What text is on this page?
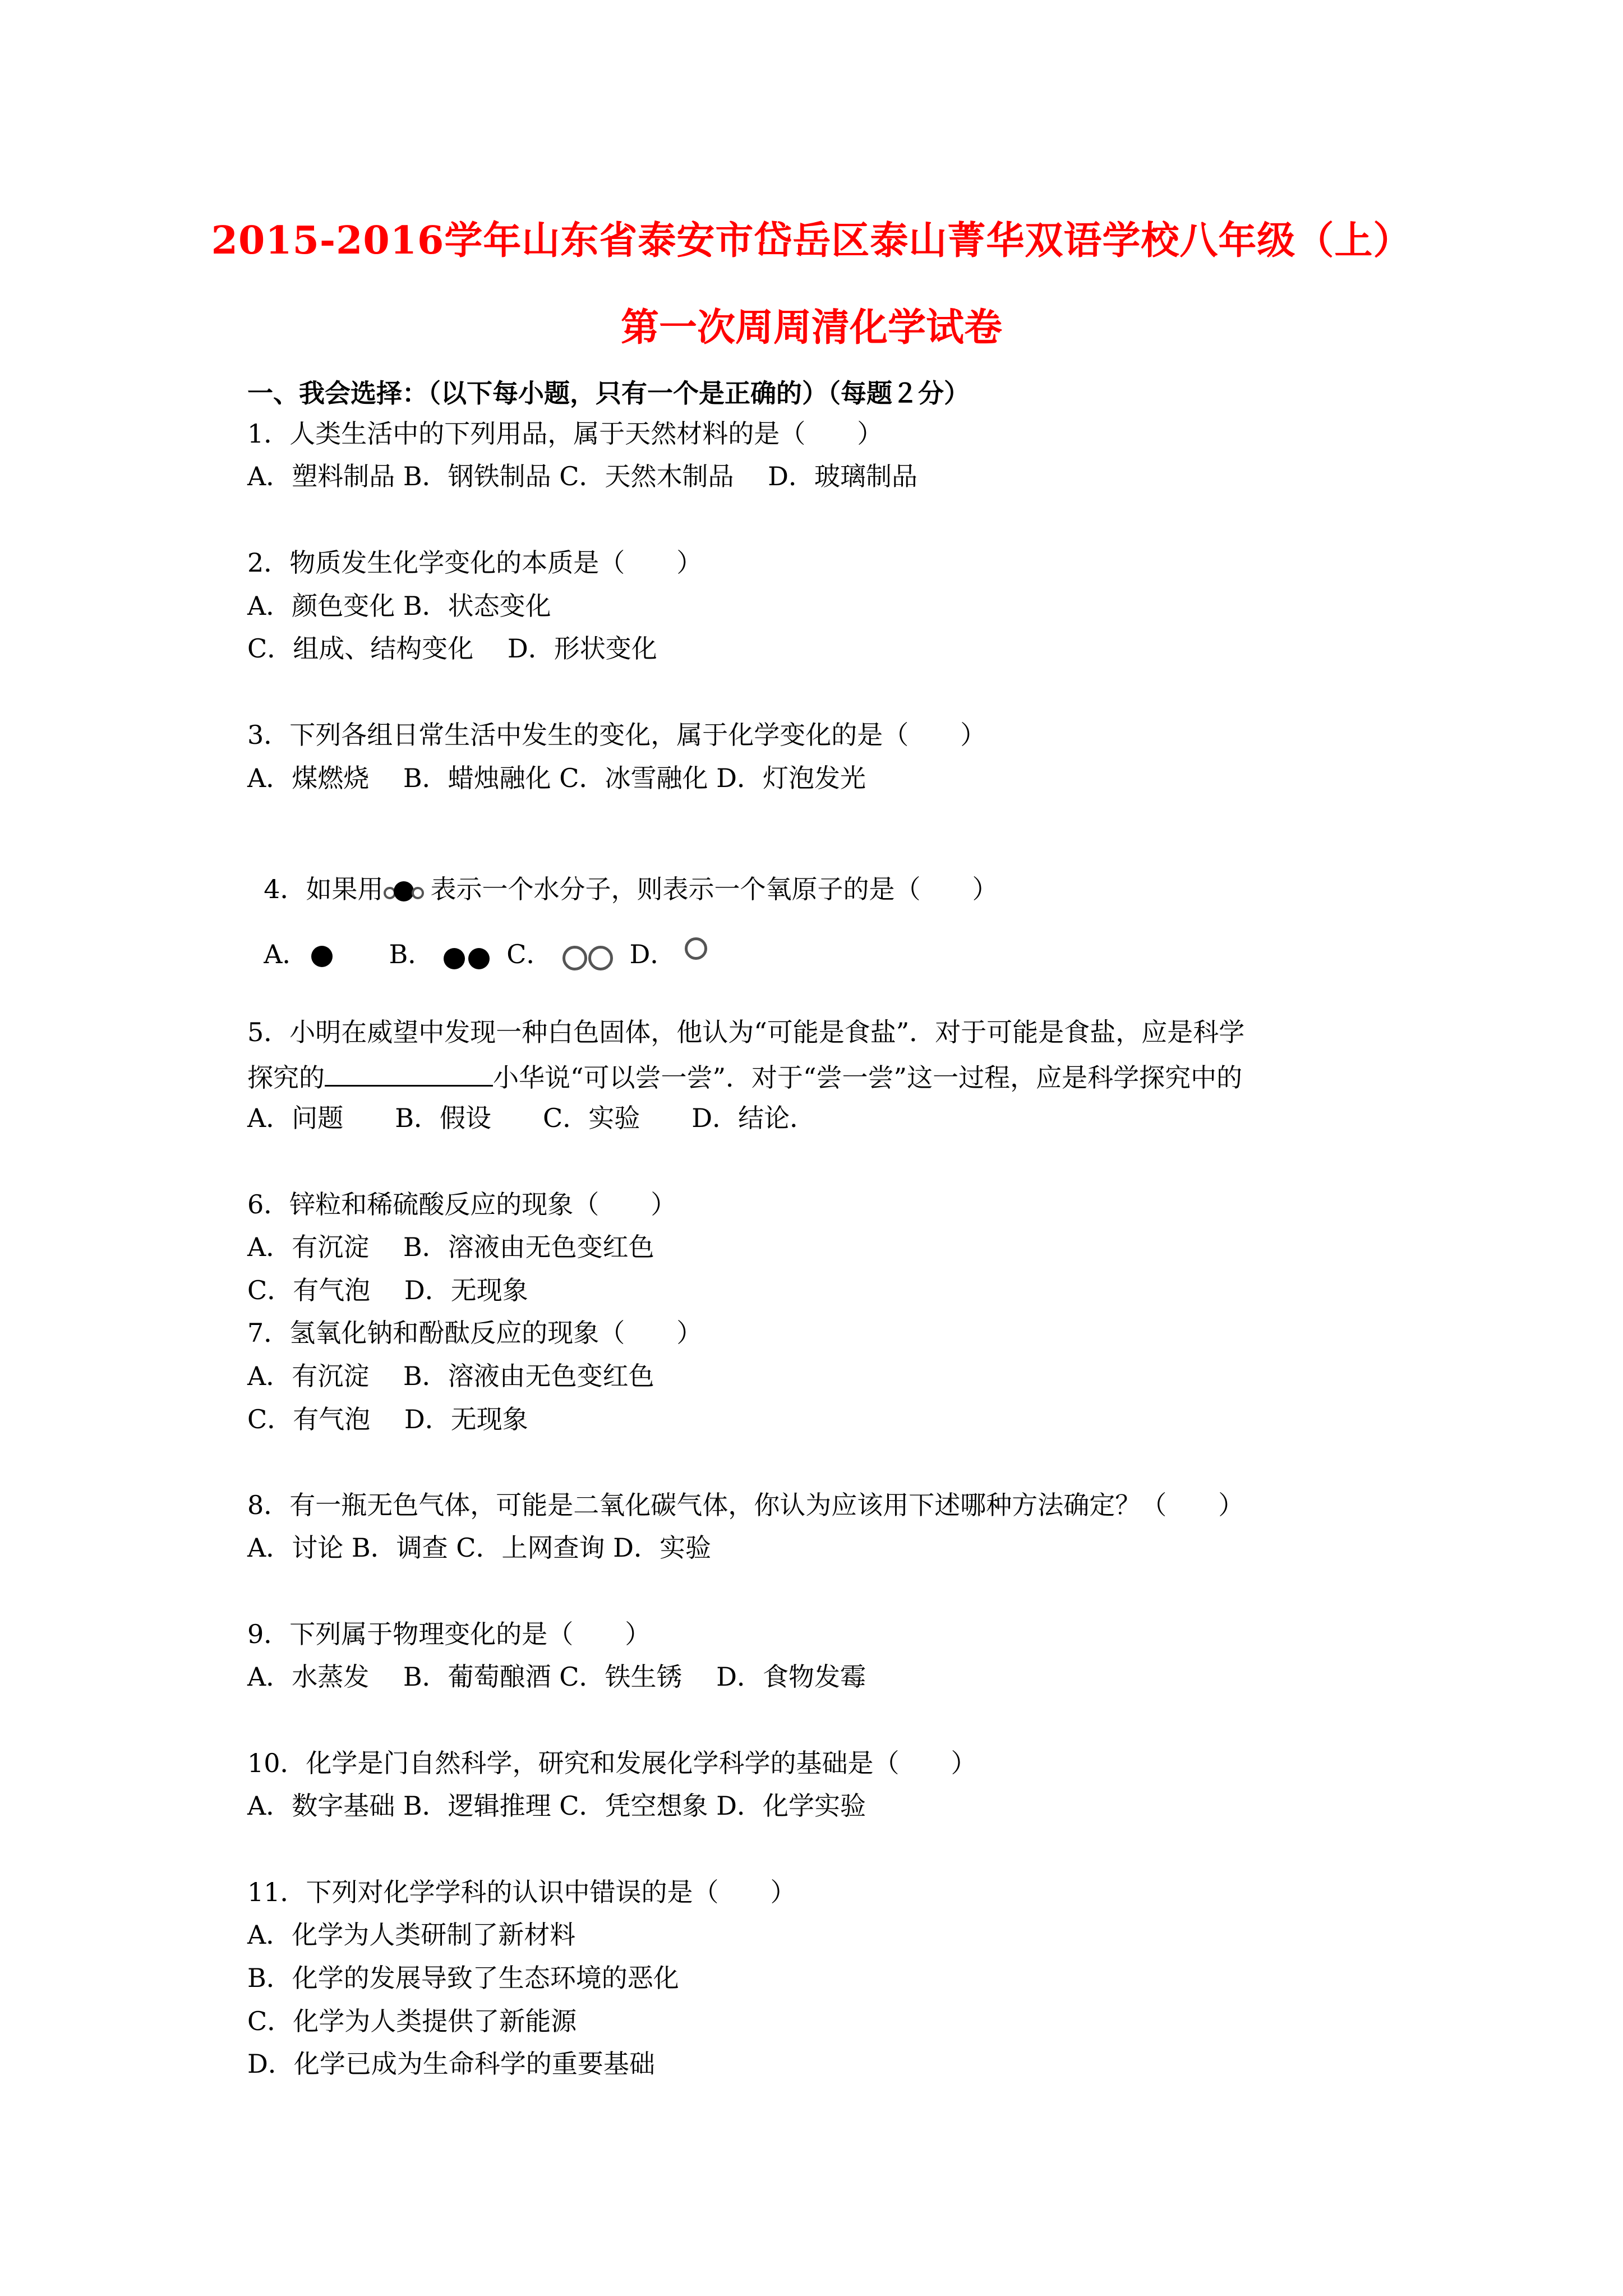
2015-2016学年山东省泰安市岱岳区泰山菁华双语学校八年级（上）
第一次周周清化学试卷
一、我会选择：（以下每小题，只有一个是正确的）（每题２分）
1．人类生活中的下列用品，属于天然材料的是（　　）
A．塑料制品 B．钢铁制品 C．天然木制品　 D．玻璃制品
2．物质发生化学变化的本质是（　　）
A．颜色变化 B．状态变化
C．组成、结构变化　 D．形状变化
3．下列各组日常生活中发生的变化，属于化学变化的是（　　）
A．煤燃烧　 B．蜡烛融化 C．冰雪融化 D．灯泡发光

4．如果用

表示一个水分子，则表示一个氧原子的是（　　）

A．	B．	C．	D．

5．小明在威望中发现一种白色固体，他认为“可能是食盐”．对于可能是食盐，应是科学
探究的	小华说“可以尝一尝”．对于“尝一尝”这一过程，应是科学探究中的
A．问题　　B．假设　　C．实验　　D．结论．
6．锌粒和稀硫酸反应的现象（　　）
A．有沉淀　 B．溶液由无色变红色
C．有气泡　 D．无现象
7．氢氧化钠和酚酞反应的现象（　　）
A．有沉淀　 B．溶液由无色变红色
C．有气泡　 D．无现象
8．有一瓶无色气体，可能是二氧化碳气体，你认为应该用下述哪种方法确定？（　　）
A．讨论 B．调查 C．上网查询 D．实验
9．下列属于物理变化的是（　　）
A．水蒸发　 B．葡萄酿酒 C．铁生锈　 D．食物发霉
10．化学是门自然科学，研究和发展化学科学的基础是（　　）
A．数字基础 B．逻辑推理 C．凭空想象 D．化学实验
11．下列对化学学科的认识中错误的是（　　）
A．化学为人类研制了新材料
B．化学的发展导致了生态环境的恶化
C．化学为人类提供了新能源
D．化学已成为生命科学的重要基础
